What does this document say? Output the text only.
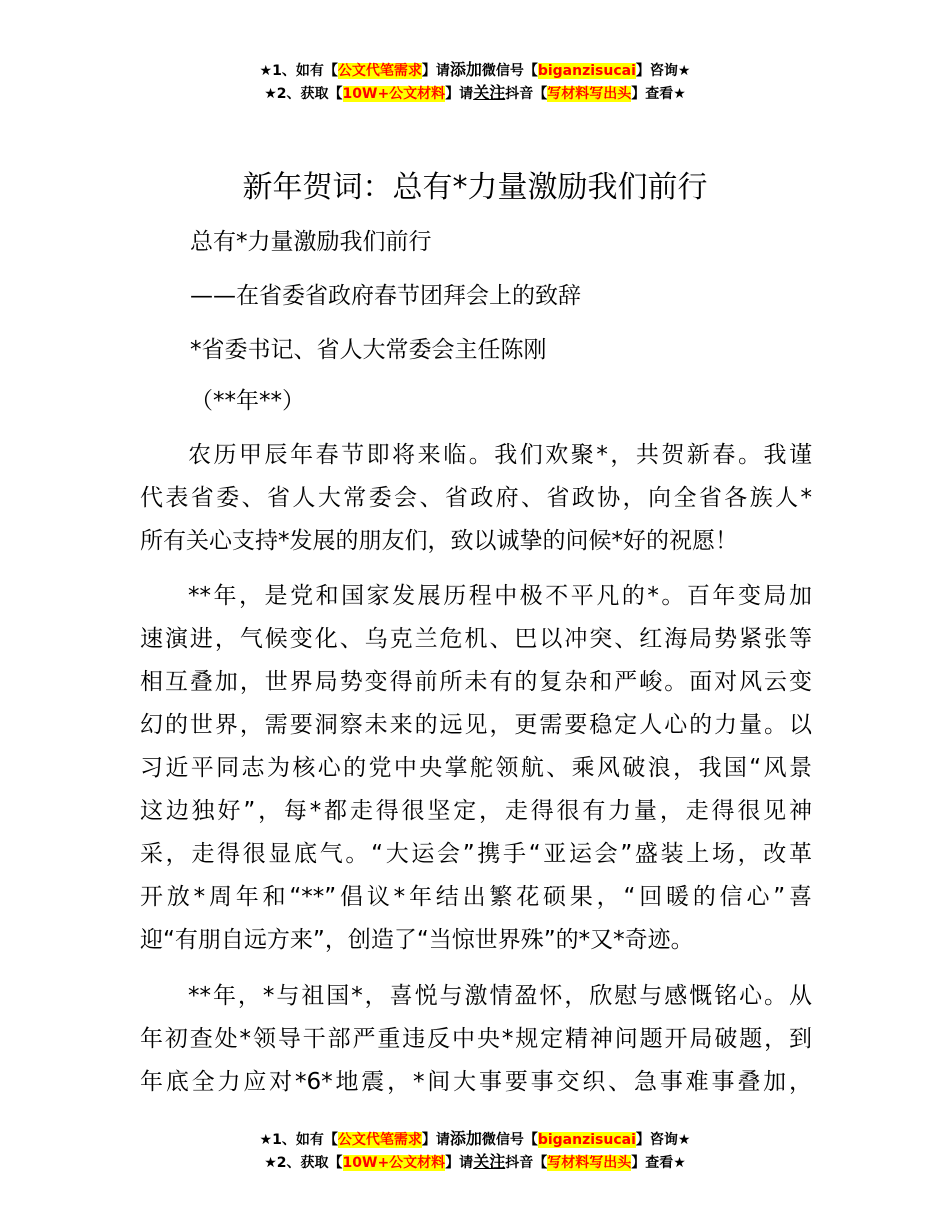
★1、如有【公文代笔需求】请添加微信号【biganzisucai】咨询★
★2、获取【10W+公文材料】请关注抖音【写材料写出头】查看★
新年贺词：总有*力量激励我们前行
总有*力量激励我们前行
——在省委省政府春节团拜会上的致辞
*省委书记、省人大常委会主任陈刚
（**年**）
农历甲辰年春节即将来临。我们欢聚*，共贺新春。我谨
代表省委、省人大常委会、省政府、省政协，向全省各族人*
所有关心支持*发展的朋友们，致以诚挚的问候*好的祝愿！
**年，是党和国家发展历程中极不平凡的*。百年变局加
速演进，气候变化、乌克兰危机、巴以冲突、红海局势紧张等
相互叠加，世界局势变得前所未有的复杂和严峻。面对风云变
幻的世界，需要洞察未来的远见，更需要稳定人心的力量。以
习近平同志为核心的党中央掌舵领航、乘风破浪，我国“风景
这边独好”，每*都走得很坚定，走得很有力量，走得很见神
采，走得很显底气。“大运会”携手“亚运会”盛装上场，改革
开放*周年和“**”倡议*年结出繁花硕果，“回暖的信心”喜
迎“有朋自远方来”，创造了“当惊世界殊”的*又*奇迹。
**年，*与祖国*，喜悦与激情盈怀，欣慰与感慨铭心。从
年初查处*领导干部严重违反中央*规定精神问题开局破题，到
年底全力应对*6*地震，*间大事要事交织、急事难事叠加，
★1、如有【公文代笔需求】请添加微信号【biganzisucai】咨询★
★2、获取【10W+公文材料】请关注抖音【写材料写出头】查看★
